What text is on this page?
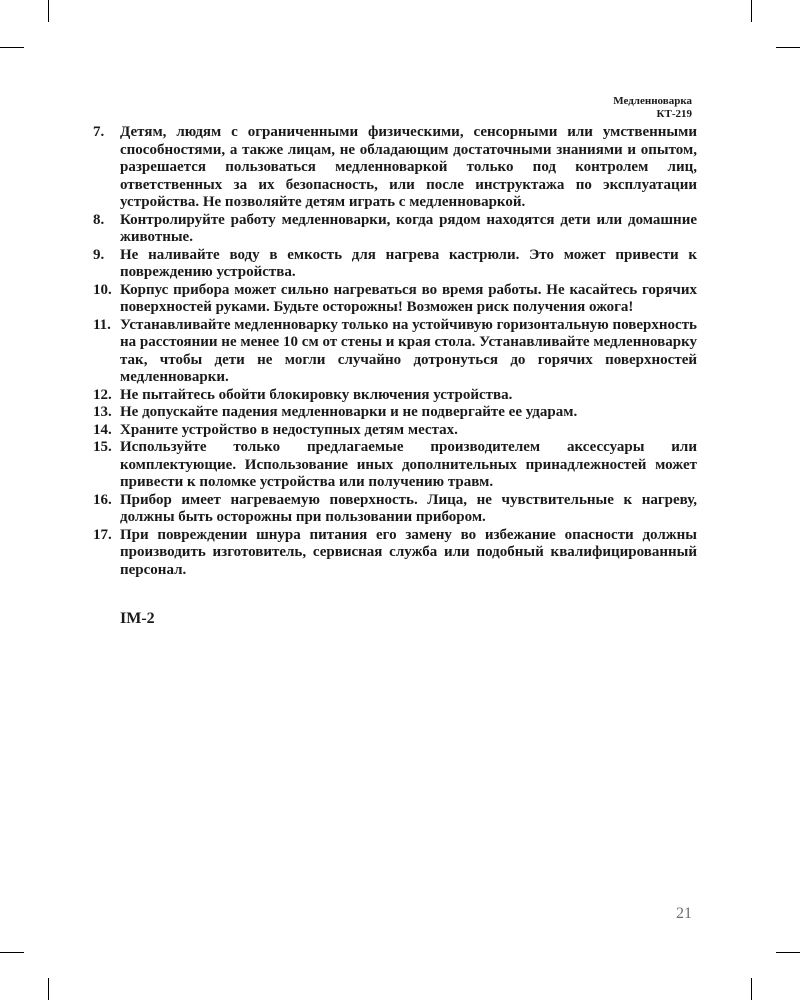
Медленноварка
КТ-219
7. Детям, людям с ограниченными физическими, сенсорными или умственными способностями, а также лицам, не обладающим достаточными знаниями и опытом, разрешается пользоваться медленноваркой только под контролем лиц, ответственных за их безопасность, или после инструктажа по эксплуатации устройства. Не позволяйте детям играть с медленноваркой.
8. Контролируйте работу медленноварки, когда рядом находятся дети или домашние животные.
9. Не наливайте воду в емкость для нагрева кастрюли. Это может привести к повреждению устройства.
10. Корпус прибора может сильно нагреваться во время работы. Не касайтесь горячих поверхностей руками. Будьте осторожны! Возможен риск получения ожога!
11. Устанавливайте медленноварку только на устойчивую горизонтальную поверхность на расстоянии не менее 10 см от стены и края стола. Устанавливайте медленноварку так, чтобы дети не могли случайно дотронуться до горячих поверхностей медленноварки.
12. Не пытайтесь обойти блокировку включения устройства.
13. Не допускайте падения медленноварки и не подвергайте ее ударам.
14. Храните устройство в недоступных детям местах.
15. Используйте только предлагаемые производителем аксессуары или комплектующие. Использование иных дополнительных принадлежностей может привести к поломке устройства или получению травм.
16. Прибор имеет нагреваемую поверхность. Лица, не чувствительные к нагреву, должны быть осторожны при пользовании прибором.
17. При повреждении шнура питания его замену во избежание опасности должны производить изготовитель, сервисная служба или подобный квалифицированный персонал.
IM-2
21
